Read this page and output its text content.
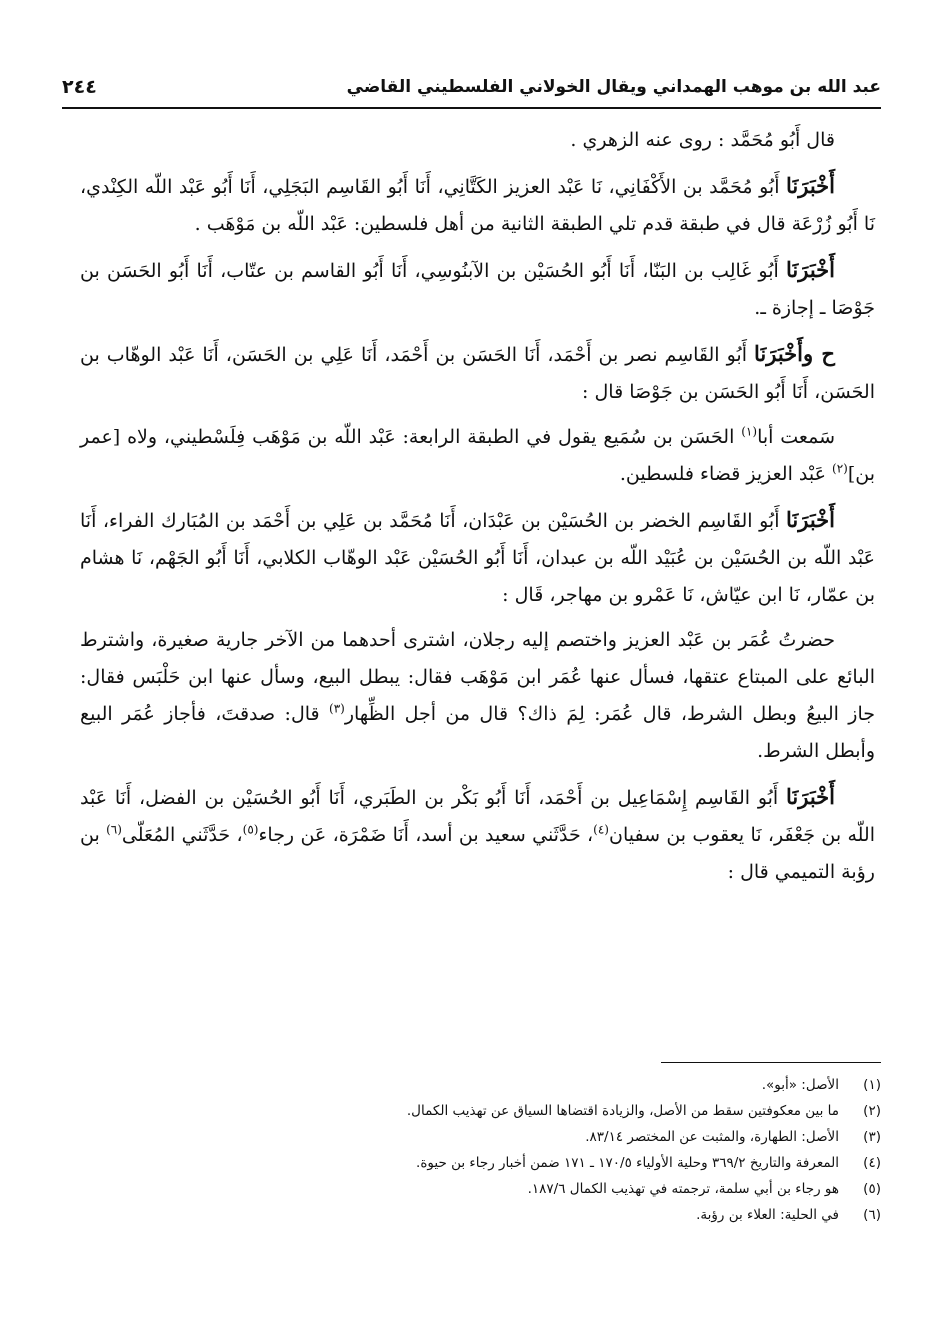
عبد الله بن موهب الهمداني ويقال الخولاني الفلسطيني القاضي
٢٤٤

قال أَبُو مُحَمَّد : روى عنه الزهري .

أَخْبَرَنَا أَبُو مُحَمَّد بن الأَكْفَانِي، نَا عَبْد العزيز الكَتَّانِي، أَنَا أَبُو القَاسِم البَجَلِي، أَنَا أَبُو عَبْد اللّه الكِنْدي، نَا أَبُو زُرْعَة قال في طبقة قدم تلي الطبقة الثانية من أهل فلسطين: عَبْد اللّه بن مَوْهَب .

أَخْبَرَنَا أَبُو غَالِب بن البَنّا، أَنَا أَبُو الحُسَيْن بن الآبنُوسِي، أَنَا أَبُو القاسم بن عتّاب، أَنَا أَبُو الحَسَن بن جَوْصَا ـ إجازة ـ.

ح وأَخْبَرَنَا أَبُو القَاسِم نصر بن أَحْمَد، أَنَا الحَسَن بن أَحْمَد، أَنَا عَلِي بن الحَسَن، أَنَا عَبْد الوهّاب بن الحَسَن، أَنَا أَبُو الحَسَن بن جَوْصَا قال :

سَمعت أبا$^{(١)}$ الحَسَن بن سُمَيع يقول في الطبقة الرابعة: عَبْد اللّه بن مَوْهَب فِلَسْطيني، ولاه [عمر بن]$^{(٢)}$ عَبْد العزيز قضاء فلسطين.

أَخْبَرَنَا أَبُو القَاسِم الخضر بن الحُسَيْن بن عَبْدَان، أَنَا مُحَمَّد بن عَلِي بن أَحْمَد بن المُبَارك الفراء، أَنَا عَبْد اللّه بن الحُسَيْن بن عُبَيْد اللّه بن عبدان، أَنَا أَبُو الحُسَيْن عَبْد الوهّاب الكلابي، أَنَا أَبُو الجَهْم، نَا هشام بن عمّار، نَا ابن عيّاش، نَا عَمْرو بن مهاجر، قَال :

حضرتُ عُمَر بن عَبْد العزيز واختصم إليه رجلان، اشترى أحدهما من الآخر جارية صغيرة، واشترط البائع على المبتاع عتقها، فسأل عنها عُمَر ابن مَوْهَب فقال: يبطل البيع، وسأل عنها ابن حَلْبَس فقال: جاز البيعُ وبطل الشرط، قال عُمَر: لِمَ ذاك؟ قال من أجل الظِّهار$^{(٣)}$ قال: صدقتَ، فأجاز عُمَر البيع وأبطل الشرط.

أَخْبَرَنَا أَبُو القَاسِم إِسْمَاعِيل بن أَحْمَد، أَنَا أَبُو بَكْر بن الطَبَري، أَنَا أَبُو الحُسَيْن بن الفضل، أَنَا عَبْد اللّه بن جَعْفَر، نَا يعقوب بن سفيان$^{(٤)}$، حَدَّثَني سعيد بن أسد، أَنَا ضَمْرَة، عَن رجاء$^{(٥)}$، حَدَّثَني المُعَلّى$^{(٦)}$ بن رؤبة التميمي قال :

(١)
الأصل: «أبو».
(٢)
ما بين معكوفتين سقط من الأصل، والزيادة اقتضاها السياق عن تهذيب الكمال.
(٣)
الأصل: الطهارة، والمثبت عن المختصر ٨٣/١٤.
(٤)
المعرفة والتاريخ ٣٦٩/٢ وحلية الأولياء ١٧٠/٥ ـ ١٧١ ضمن أخبار رجاء بن حيوة.
(٥)
هو رجاء بن أبي سلمة، ترجمته في تهذيب الكمال ١٨٧/٦.
(٦)
في الحلية: العلاء بن رؤبة.
